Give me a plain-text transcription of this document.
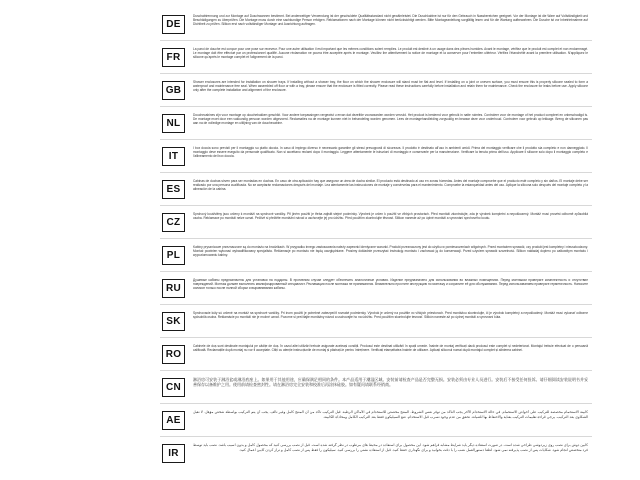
DE
Duschabtrennung und zur Montage auf Duschwannen bestimmt. Bei anderweitiger Verwendung ist der geschuldete Qualitätsstandard nicht gewährleistet. Die Duschkabine ist nur für den Gebrauch in Nassbereichen geeignet. Vor der Montage ist die Ware auf Vollständigkeit und Beschädigungen zu überprüfen. Die Montage muss durch eine sachkundige Person erfolgen. Reklamationen nach der Montage können nicht berücksichtigt werden. Bitte Montageanleitung sorgfältig lesen und für die Wartung aufbewahren. Die Dusche ist vor Inbetriebnahme auf Dichtheit zu prüfen. Silikon erst nach vollständiger Montage und Ausrichtung auftragen.
FR
La paroi de douche est conçue pour une pose sur receveur. Pour une autre utilisation il est important que les mêmes conditions soient remplies. Le produit est destiné à un usage dans des pièces humides. Avant le montage, vérifiez que le produit est complet et non endommagé. Le montage doit être effectué par un professionnel qualifié. Aucune réclamation ne pourra être acceptée après le montage. Veuillez lire attentivement la notice de montage et la conserver pour l'entretien ultérieur. Vérifiez l'étanchéité avant la première utilisation. N'appliquez le silicone qu'après le montage complet et l'alignement de la paroi.
GB
Shower enclosures are intended for installation on shower trays. If installing without a shower tray, the floor on which the shower enclosure will stand must be flat and level. If installing on a joint or uneven surface, you must ensure this is properly silicone sealed to form a waterproof and maintenance free seal. When assembled off floor or with a tray, please ensure that the enclosure is fitted correctly. Please read these instructions carefully before installation and retain them for maintenance. Check the enclosure for leaks before use. Apply silicone only after the complete installation and alignment of the enclosure.
NL
Douchecabines zijn voor montage op douchebakken geschikt. Voor andere toepassingen vergewist u ervan dat dezelfde voorwaarden worden vervuld. Het product is bestemd voor gebruik in natte ruimtes. Controleer voor de montage of het product compleet en onbeschadigd is. De montage moet door een vakkundig persoon worden uitgevoerd. Reclamaties na de montage kunnen niet in behandeling worden genomen. Lees de montagehandleiding zorgvuldig en bewaar deze voor onderhoud. Controleer voor gebruik op lekkage. Breng de siliconen pas aan na de volledige montage en uitlijning van de douchecabine.
IT
I box doccia sono previsti per il montaggio su piatto doccia. In caso di impiego diverso è necessario garantire gli stessi presupposti di sicurezza. Il prodotto è destinato all'uso in ambienti umidi. Prima del montaggio verificare che il prodotto sia completo e non danneggiato. Il montaggio deve essere eseguito da personale qualificato. Non si accettano reclami dopo il montaggio. Leggere attentamente le istruzioni di montaggio e conservarle per la manutenzione. Verificare la tenuta prima dell'uso. Applicare il silicone solo dopo il montaggio completo e l'allineamento del box doccia.
ES
Cabinas de duchas sirven para ser montadas en duchas. En caso de otra aplicación hay que asegurar un área de ducha similar. El producto está destinado al uso en zonas húmedas. Antes del montaje compruebe que el producto esté completo y sin daños. El montaje debe ser realizado por una persona cualificada. No se aceptarán reclamaciones después del montaje. Lea atentamente las instrucciones de montaje y consérvelas para el mantenimiento. Compruebe la estanqueidad antes del uso. Aplique la silicona solo después del montaje completo y la alineación de la cabina.
CZ
Sprchový kout/stěny jsou určeny k montáži na sprchové vaničky. Při jiném použití je třeba zajistit stejné podmínky. Výrobek je určen k použití ve vlhkých prostorách. Před montáží zkontrolujte, zda je výrobek kompletní a nepoškozený. Montáž musí provést odborně způsobilá osoba. Reklamace po montáži nelze uznat. Pečlivě si přečtěte montážní návod a uschovejte jej pro údržbu. Před použitím zkontrolujte těsnost. Silikon naneste až po úplné montáži a vyrovnání sprchového koutu.
PL
Kabiny prysznicowe przeznaczone są do montażu na brodzikach. W przypadku innego zastosowania należy zapewnić identyczne warunki. Produkt przeznaczony jest do użytku w pomieszczeniach wilgotnych. Przed montażem sprawdź, czy produkt jest kompletny i nieuszkodzony. Montaż powinien wykonać wykwalifikowany specjalista. Reklamacje po montażu nie będą uwzględniane. Prosimy dokładnie przeczytać instrukcję montażu i zachować ją do konserwacji. Przed użyciem sprawdź szczelność. Silikon nakładaj dopiero po całkowitym montażu i wypoziomowaniu kabiny.
RU
Душевые кабины предназначены для установки на поддоны. В противном случае следует обеспечить аналогичные условия. Изделие предназначено для использования во влажных помещениях. Перед монтажом проверьте комплектность и отсутствие повреждений. Монтаж должен выполнять квалифицированный специалист. Рекламации после монтажа не принимаются. Внимательно прочтите инструкцию по монтажу и сохраните её для обслуживания. Перед использованием проверьте герметичность. Наносите силикон только после полной сборки и выравнивания кабины.
SK
Sprchovacie kúty sú určené na montáž na sprchové vaničky. Pri inom použití je potrebné zabezpečiť rovnaké podmienky. Výrobok je určený na použitie vo vlhkých priestoroch. Pred montážou skontrolujte, či je výrobok kompletný a nepoškodený. Montáž musí vykonať odborne spôsobilá osoba. Reklamácie po montáži nie je možné uznať. Pozorne si prečítajte montážny návod a uschovajte ho na údržbu. Pred použitím skontrolujte tesnosť. Silikón naneste až po úplnej montáži a vyrovnaní kúta.
RO
Cabinele de duș sunt destinate montajului pe cădițe de duș. În cazul altei utilizări trebuie asigurate aceleași condiții. Produsul este destinat utilizării în spații umede. Înainte de montaj verificați dacă produsul este complet și nedeteriorat. Montajul trebuie efectuat de o persoană calificată. Reclamațiile după montaj nu vor fi acceptate. Citiți cu atenție instrucțiunile de montaj și păstrați-le pentru întreținere. Verificați etanșeitatea înainte de utilizare. Aplicați siliconul numai după montajul complet și alinierea cabinei.
CN
淋浴房可安装于淋浴盆或淋浴底座上。如果用于其他用途，应确保满足相同的条件。本产品适用于潮湿区域。安装前请检查产品是否完整无损。安装必须由专业人员进行。安装后不接受任何投诉。请仔细阅读安装说明书并妥善保存以备维护之用。使用前请检查密封性。请在淋浴房完全安装和校准后再涂抹硅胶。如有疑问请联系经销商。
AE
كابينة الاستحمام مخصصة للتركيب على أحواض الاستحمام. في حالة الاستخدام الآخر يجب التأكد من توفر نفس الشروط. المنتج مخصص للاستخدام في الأماكن الرطبة. قبل التركيب تأكد من أن المنتج كامل وغير تالف. يجب أن يتم التركيب بواسطة شخص مؤهل. لا تقبل الشكاوى بعد التركيب. يرجى قراءة تعليمات التركيب بعناية والاحتفاظ بها للصيانة. تحقق من عدم وجود تسرب قبل الاستخدام. ضع السيليكون فقط بعد التركيب الكامل ومحاذاة الكابينة.
IR
کابین دوش برای نصب روی زیردوشی طراحی شده است. در صورت استفاده دیگر باید شرایط مشابه فراهم شود. این محصول برای استفاده در محیط های مرطوب در نظر گرفته شده است. قبل از نصب بررسی کنید که محصول کامل و بدون آسیب باشد. نصب باید توسط فرد متخصص انجام شود. شکایات پس از نصب پذیرفته نمی شود. لطفا دستورالعمل نصب را با دقت بخوانید و برای نگهداری حفظ کنید. قبل از استفاده نشتی را بررسی کنید. سیلیکون را فقط پس از نصب کامل و تراز کردن کابین اعمال کنید.
